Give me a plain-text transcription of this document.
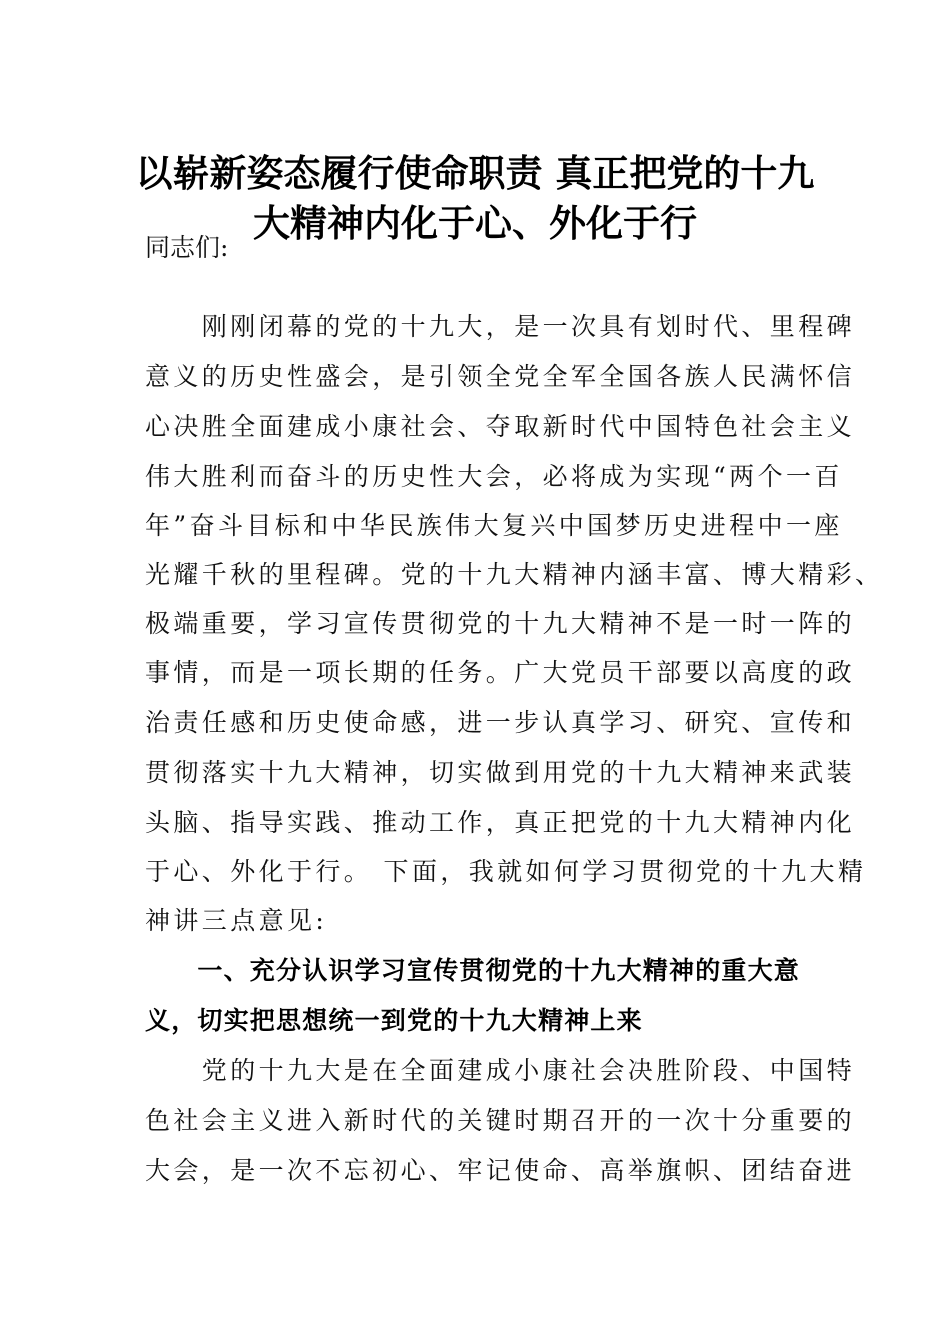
以崭新姿态履行使命职责 真正把党的十九
大精神内化于心、外化于行
同志们:
　　刚刚闭幕的党的十九大，是一次具有划时代、里程碑
意义的历史性盛会，是引领全党全军全国各族人民满怀信
心决胜全面建成小康社会、夺取新时代中国特色社会主义
伟大胜利而奋斗的历史性大会，必将成为实现“两个一百
年”奋斗目标和中华民族伟大复兴中国梦历史进程中一座
光耀千秋的里程碑。党的十九大精神内涵丰富、博大精彩、
极端重要，学习宣传贯彻党的十九大精神不是一时一阵的
事情，而是一项长期的任务。广大党员干部要以高度的政
治责任感和历史使命感，进一步认真学习、研究、宣传和
贯彻落实十九大精神，切实做到用党的十九大精神来武装
头脑、指导实践、推动工作，真正把党的十九大精神内化
于心、外化于行。 下面，我就如何学习贯彻党的十九大精
神讲三点意见:
　　一、充分认识学习宣传贯彻党的十九大精神的重大意
义，切实把思想统一到党的十九大精神上来
　　党的十九大是在全面建成小康社会决胜阶段、中国特
色社会主义进入新时代的关键时期召开的一次十分重要的
大会，是一次不忘初心、牢记使命、高举旗帜、团结奋进
